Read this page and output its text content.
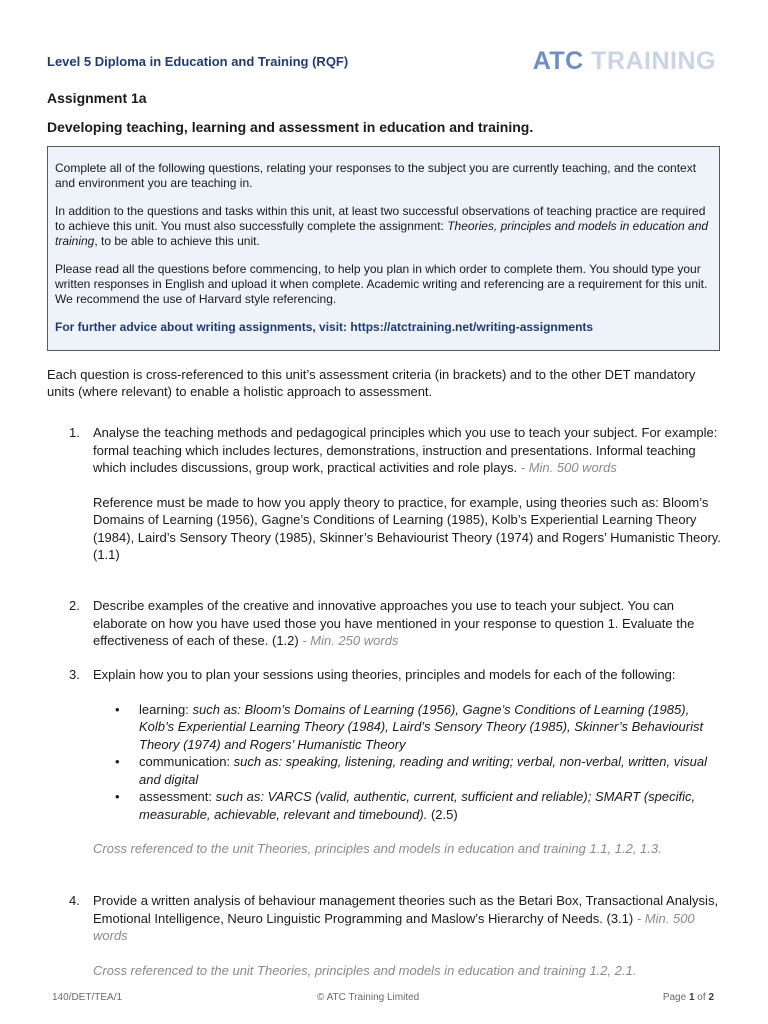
Level 5 Diploma in Education and Training (RQF)	ATC TRAINING
Assignment 1a
Developing teaching, learning and assessment in education and training.

Complete all of the following questions, relating your responses to the subject you are currently teaching, and the context and environment you are teaching in.

In addition to the questions and tasks within this unit, at least two successful observations of teaching practice are required to achieve this unit. You must also successfully complete the assignment: Theories, principles and models in education and training, to be able to achieve this unit.

Please read all the questions before commencing, to help you plan in which order to complete them. You should type your written responses in English and upload it when complete. Academic writing and referencing are a requirement for this unit. We recommend the use of Harvard style referencing.

For further advice about writing assignments, visit: https://atctraining.net/writing-assignments

Each question is cross-referenced to this unit’s assessment criteria (in brackets) and to the other DET mandatory units (where relevant) to enable a holistic approach to assessment.
1. Analyse the teaching methods and pedagogical principles which you use to teach your subject. For example: formal teaching which includes lectures, demonstrations, instruction and presentations. Informal teaching which includes discussions, group work, practical activities and role plays. - Min. 500 words

Reference must be made to how you apply theory to practice, for example, using theories such as: Bloom’s Domains of Learning (1956), Gagne’s Conditions of Learning (1985), Kolb’s Experiential Learning Theory (1984), Laird’s Sensory Theory (1985), Skinner’s Behaviourist Theory (1974) and Rogers’ Humanistic Theory. (1.1)

2. Describe examples of the creative and innovative approaches you use to teach your subject. You can elaborate on how you have used those you have mentioned in your response to question 1. Evaluate the effectiveness of each of these. (1.2) - Min. 250 words

3. Explain how you to plan your sessions using theories, principles and models for each of the following:

• learning: such as: Bloom’s Domains of Learning (1956), Gagne’s Conditions of Learning (1985), Kolb’s Experiential Learning Theory (1984), Laird’s Sensory Theory (1985), Skinner’s Behaviourist Theory (1974) and Rogers’ Humanistic Theory
• communication: such as: speaking, listening, reading and writing; verbal, non-verbal, written, visual and digital
• assessment: such as: VARCS (valid, authentic, current, sufficient and reliable); SMART (specific, measurable, achievable, relevant and timebound). (2.5)

Cross referenced to the unit Theories, principles and models in education and training 1.1, 1.2, 1.3.

4. Provide a written analysis of behaviour management theories such as the Betari Box, Transactional Analysis, Emotional Intelligence, Neuro Linguistic Programming and Maslow’s Hierarchy of Needs. (3.1) - Min. 500 words

Cross referenced to the unit Theories, principles and models in education and training 1.2, 2.1.

140/DET/TEA/1	© ATC Training Limited	Page 1 of 2
